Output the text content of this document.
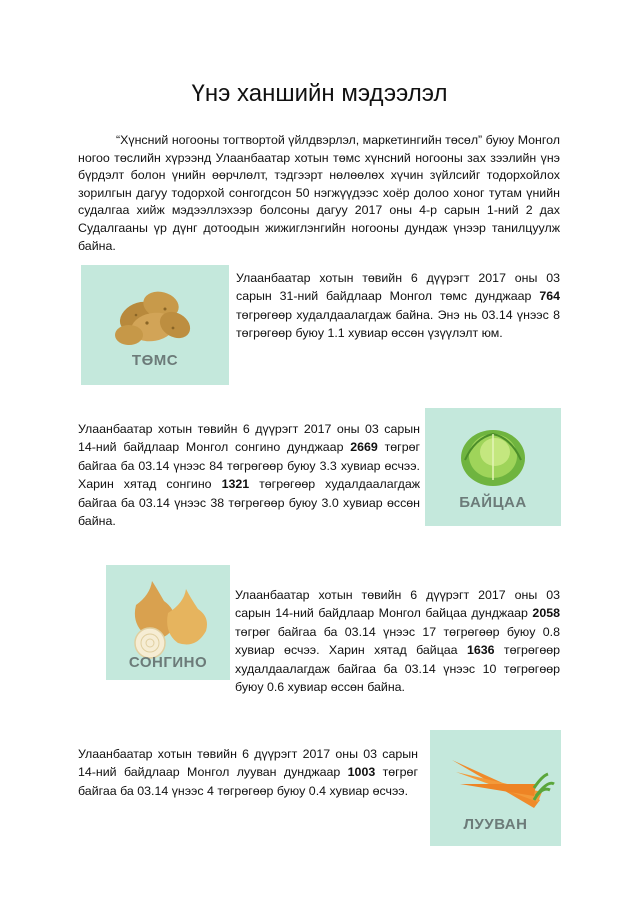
Үнэ ханшийн мэдээлэл

“Хүнсний ногооны тогтвортой үйлдвэрлэл, маркетингийн төсөл” буюу Монгол ногоо төслийн хүрээнд Улаанбаатар хотын төмс хүнсний ногооны зах зээлийн үнэ бүрдэлт болон үнийн өөрчлөлт, тэдгээрт нөлөөлөх хүчин зүйлсийг тодорхойлох зорилгын дагуу тодорхой сонгогдсон 50 нэгжүүдээс хоёр долоо хоног тутам үнийн судалгаа хийж мэдээллэхээр болсоны дагуу 2017 оны 4-р сарын 1-ний 2 дах Судалгааны үр дүнг дотоодын жижиглэнгийн ногооны дундаж үнээр танилцуулж байна.

ТӨМС

Улаанбаатар хотын төвийн 6 дүүрэгт 2017 оны 03 сарын 31-ний байдлаар Монгол төмс дунджаар 764 төгрөгөөр худалдаалагдаж байна. Энэ нь 03.14 үнээс 8 төгрөгөөр буюу 1.1 хувиар өссөн үзүүлэлт юм.

Улаанбаатар хотын төвийн 6 дүүрэгт 2017 оны 03 сарын 14-ний байдлаар Монгол сонгино дунджаар 2669 төгрөг байгаа ба 03.14 үнээс 84 төгрөгөөр буюу 3.3 хувиар өсчээ. Харин хятад сонгино 1321 төгрөгөөр худалдаалагдаж байгаа ба 03.14 үнээс 38 төгрөгөөр буюу 3.0 хувиар өссөн байна.

БАЙЦАА
СОНГИНО

Улаанбаатар хотын төвийн 6 дүүрэгт 2017 оны 03 сарын 14-ний байдлаар Монгол байцаа дунджаар 2058 төгрөг байгаа ба 03.14 үнээс 17 төгрөгөөр буюу 0.8 хувиар өсчээ. Харин хятад байцаа 1636 төгрөгөөр худалдаалагдаж байгаа ба 03.14 үнээс 10 төгрөгөөр буюу 0.6 хувиар өссөн байна.

Улаанбаатар хотын төвийн 6 дүүрэгт 2017 оны 03 сарын 14-ний байдлаар Монгол лууван дунджаар 1003 төгрөг байгаа ба 03.14 үнээс 4 төгрөгөөр буюу 0.4 хувиар өсчээ.

ЛУУВАН
